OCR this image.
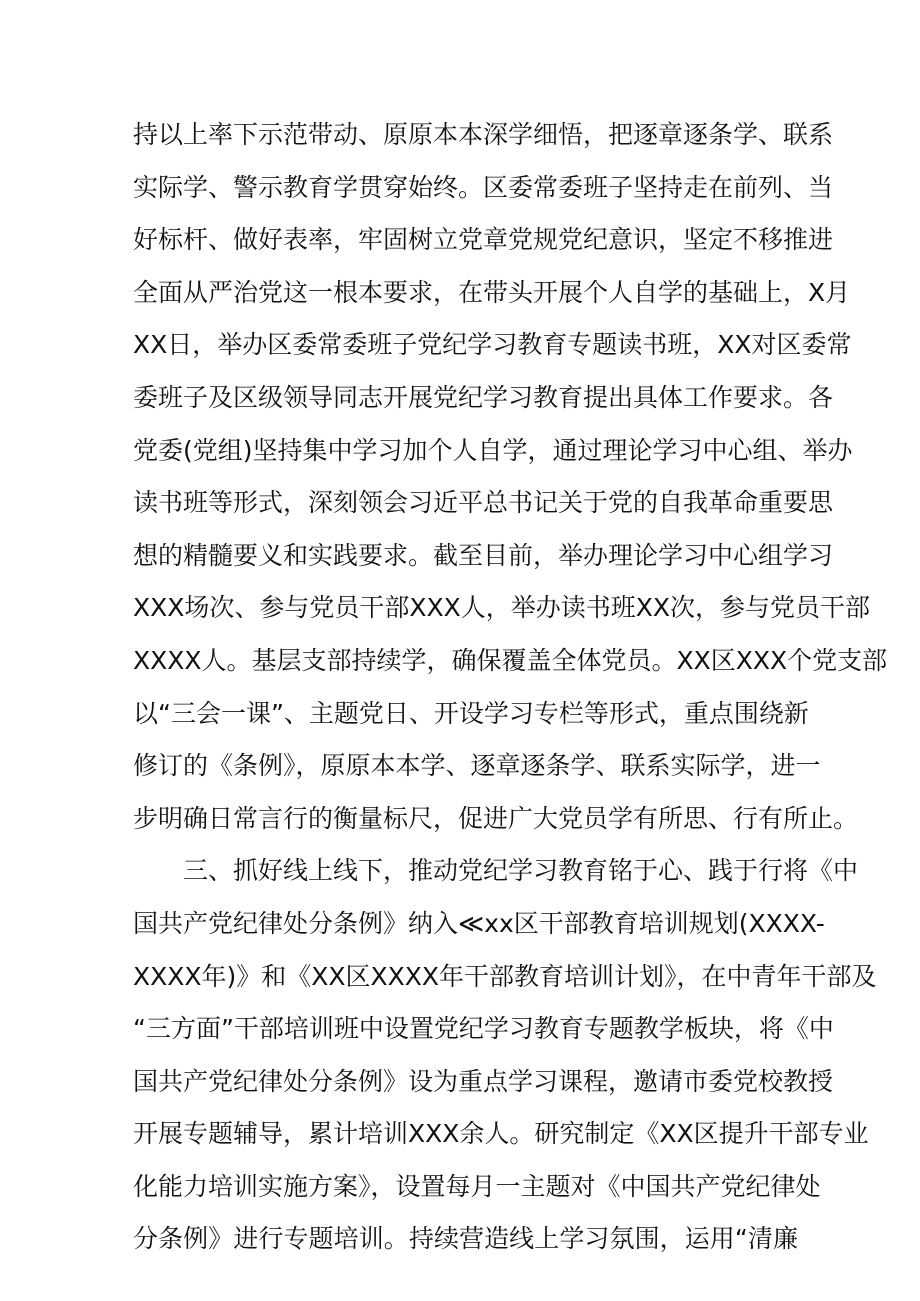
持以上率下示范带动、原原本本深学细悟，把逐章逐条学、联系
实际学、警示教育学贯穿始终。区委常委班子坚持走在前列、当
好标杆、做好表率，牢固树立党章党规党纪意识，坚定不移推进
全面从严治党这一根本要求，在带头开展个人自学的基础上，X月
XX日，举办区委常委班子党纪学习教育专题读书班，XX对区委常
委班子及区级领导同志开展党纪学习教育提出具体工作要求。各
党委(党组)坚持集中学习加个人自学，通过理论学习中心组、举办
读书班等形式，深刻领会习近平总书记关于党的自我革命重要思
想的精髓要义和实践要求。截至目前，举办理论学习中心组学习
XXX场次、参与党员干部XXX人，举办读书班XX次，参与党员干部
XXXX人。基层支部持续学，确保覆盖全体党员。XX区XXX个党支部
以“三会一课”、主题党日、开设学习专栏等形式，重点围绕新
修订的《条例》，原原本本学、逐章逐条学、联系实际学，进一
步明确日常言行的衡量标尺，促进广大党员学有所思、行有所止。
三、抓好线上线下，推动党纪学习教育铭于心、践于行将《中
国共产党纪律处分条例》纳入≪xx区干部教育培训规划(XXXX-
XXXX年)》和《XX区XXXX年干部教育培训计划》，在中青年干部及
“三方面”干部培训班中设置党纪学习教育专题教学板块，将《中
国共产党纪律处分条例》设为重点学习课程，邀请市委党校教授
开展专题辅导，累计培训XXX余人。研究制定《XX区提升干部专业
化能力培训实施方案》，设置每月一主题对《中国共产党纪律处
分条例》进行专题培训。持续营造线上学习氛围，运用“清廉
